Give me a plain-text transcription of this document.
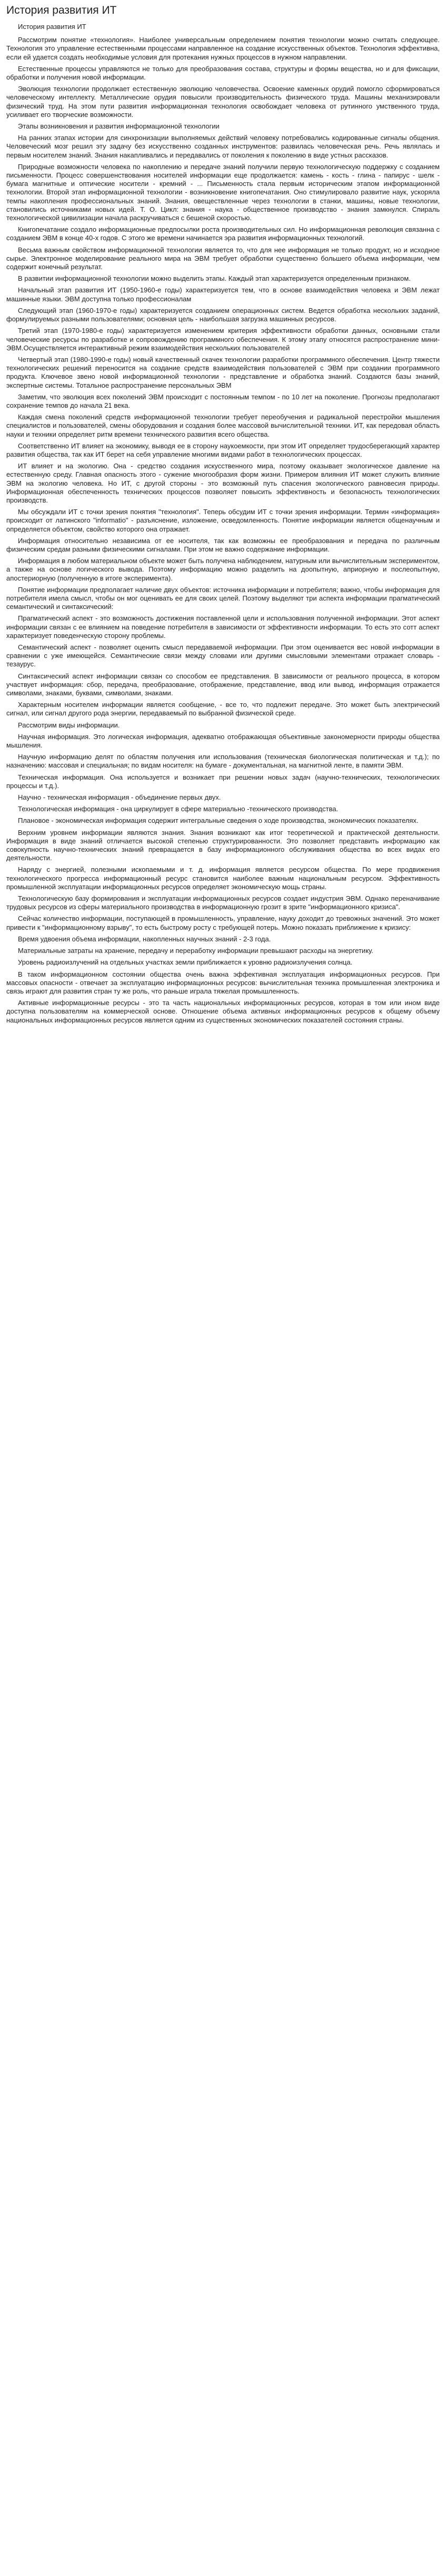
История развития ИТ

История развития ИТ

Рассмотрим понятие «технология». Наиболее универсальным определением понятия технологии можно считать следующее. Технология это управление естественными процессами направленное на создание искусственных объектов. Технология эффективна, если ей удается создать необходимые условия для протекания нужных процессов в нужном направлении.

Естественные процессы управляются не только для преобразования состава, структуры и формы вещества, но и для фиксации, обработки и получения новой информации.

Эволюция технологии продолжает естественную эволюцию человечества. Освоение каменных орудий помогло сформироваться человеческому интеллекту. Металлические орудия повысили производительность физического труда. Машины механизировали физический труд. На этом пути развития информационная технология освобождает человека от рутинного умственного труда, усиливает его творческие возможности.

Этапы возникновения и развития информационной технологии

На ранних этапах истории для синхронизации выполняемых действий человеку потребовались кодированные сигналы общения. Человеческий мозг решил эту задачу без искусственно созданных инструментов: развилась человеческая речь. Речь являлась и первым носителем знаний. Знания накапливались и передавались от поколения к поколению в виде устных рассказов.

Природные возможности человека по накоплению и передаче знаний получили первую технологическую поддержку с созданием письменности. Процесс совершенствования носителей информации еще продолжается: камень - кость - глина - папирус - шелк - бумага магнитные и оптические носители - кремний - ... Письменность стала первым историческим этапом информационной технологии. Второй этап информационной технологии - возникновение книгопечатания. Оно стимулировало развитие наук, ускоряла темпы накопления профессиональных знаний. Знания, овеществленные через технологии в станки, машины, новые технологии, становились источниками новых идей. Т. О. Цикл: знания - наука - общественное производство - знания замкнулся. Спираль технологической цивилизации начала раскручиваться с бешеной скоростью.

Книгопечатание создало информационные предпосылки роста производительных сил. Но информационная революция связанна с созданием ЭВМ в конце 40-х годов. С этого же времени начинается эра развития информационных технологий.

Весьма важным свойством информационной технологии является то, что для нее информация не только продукт, но и исходное сырье. Электронное моделирование реального мира на ЭВМ требует обработки существенно большего объема информации, чем содержит конечный результат.

В развитии информационной технологии можно выделить этапы. Каждый этап характеризуется определенным признаком.

Начальный этап развития ИТ (1950-1960-е годы) характеризуется тем, что в основе взаимодействия человека и ЭВМ лежат машинные языки. ЭВМ доступна только профессионалам

Следующий этап (1960-1970-е годы) характеризуется созданием операционных систем. Ведется обработка нескольких заданий, формулируемых разными пользователями; основная цель - наибольшая загрузка машинных ресурсов.

Третий этап (1970-1980-е годы) характеризуется изменением критерия эффективности обработки данных, основными стали человеческие ресурсы по разработке и сопровождению программного обеспечения. К этому этапу относятся распространение мини- ЭВМ.Осуществляется интерактивный режим взаимодействия нескольких пользователей

Четвертый этап (1980-1990-е годы) новый качественный скачек технологии разработки программного обеспечения. Центр тяжести технологических решений переносится на создание средств взаимодействия пользователей с ЭВМ при создании программного продукта. Ключевое звено новой информационной технологии - представление и обработка знаний. Создаются базы знаний, экспертные системы. Тотальное распространение персональных ЭВМ

Заметим, что эволюция всех поколений ЭВМ происходит с постоянным темпом - по 10 лет на поколение. Прогнозы предполагают сохранение темпов до начала 21 века.

Каждая смена поколений средств информационной технологии требует переобучения и радикальной перестройки мышления специалистов и пользователей, смены оборудования и создания более массовой вычислительной техники. ИТ, как передовая область науки и техники определяет ритм времени технического развития всего общества.

Соответственно ИТ влияет на экономику, выводя ее в сторону наукоемкости, при этом ИТ определяет трудосберегающий характер развития общества, так как ИТ берет на себя управление многими видами работ в технологических процессах.

ИТ влияет и на экологию. Она - средство создания искусственного мира, поэтому оказывает экологическое давление на естественную среду. Главная опасность этого - сужение многообразия форм жизни. Примером влияния ИТ может служить влияние ЭВМ на экологию человека. Но ИТ, с другой стороны - это возможный путь спасения экологического равновесия природы. Информационная обеспеченность технических процессов позволяет повысить эффективность и безопасность технологических производств.

Мы обсуждали ИТ с точки зрения понятия "технология". Теперь обсудим ИТ с точки зрения информации. Термин «информация» происходит от латинского "informatio" - разъяснение, изложение, осведомленность. Понятие информации является общенаучным и определяется объектом, свойство которого она отражает.

Информация относительно независима от ее носителя, так как возможны ее преобразования и передача по различным физическим средам разными физическими сигналами. При этом не важно содержание информации.

Информация в любом материальном объекте может быть получена наблюдением, натурным или вычислительным экспериментом, а также на основе логического вывода. Поэтому информацию можно разделить на доопытную, априорную и послеопытную, апостериорную (полученную в итоге эксперимента).

Понятие информации предполагает наличие двух объектов: источника информации и потребителя; важно, чтобы информация для потребителя имела смысл, чтобы он мог оценивать ее для своих целей. Поэтому выделяют три аспекта информации прагматический семантический и синтаксический:

Прагматический аспект - это возможность достижения поставленной цели и использования полученной информации. Этот аспект информации связан с ее влиянием на поведение потребителя в зависимости от эффективности информации. То есть это сотт аспект характеризует поведенческую сторону проблемы.

Семантический аспект - позволяет оценить смысл передаваемой информации. При этом оценивается вес новой информации в сравнении с уже имеющейся. Семантические связи между словами или другими смысловыми элементами отражает словарь - тезаурус.

Синтаксический аспект информации связан со способом ее представления. В зависимости от реального процесса, в котором участвует информация: сбор, передача, преобразование, отображение, представление, ввод или вывод, информация отражается символами, знаками, буквами, символами, знаками.

Характерным носителем информации является сообщение, - все то, что подлежит передаче. Это может быть электрический сигнал, или сигнал другого рода энергии, передаваемый по выбранной физической среде.

Рассмотрим виды информации.

Научная информация. Это логическая информация, адекватно отображающая объективные закономерности природы общества мышления.

Научную информацию делят по областям получения или использования (техническая биологическая политическая и т.д.); по назначению: массовая и специальная; по видам носителя: на бумаге - документальная, на магнитной ленте, в памяти ЭВМ.

Техническая информация. Она используется и возникает при решении новых задач (научно-технических, технологических процессы и т.д.).

Научно - техническая информация - объединение первых двух.

Технологическая информация - она циркулирует в сфере материально -технического производства.

Плановое - экономическая информация содержит интегральные сведения о ходе производства, экономических показателях.

Верхним уровнем информации являются знания. Знания возникают как итог теоретической и практической деятельности. Информация в виде знаний отличается высокой степенью структурированности. Это позволяет представить информацию как совокупность научно-технических знаний превращается в базу информационного обслуживания общества во всех видах его деятельности.

Наряду с энергией, полезными ископаемыми и т. д. информация является ресурсом общества. По мере продвижения технологического прогресса информационный ресурс становится наиболее важным национальным ресурсом. Эффективность промышленной эксплуатации информационных ресурсов определяет экономическую мощь страны.

Технологическую базу формирования и эксплуатации информационных ресурсов создает индустрия ЭВМ. Однако переначивание трудовых ресурсов из сферы материального производства в информационную грозит в зрите "информационного кризиса".

Сейчас количество информации, поступающей в промышленность, управление, науку доходит до тревожных значений. Это может привести к "информационному взрыву", то есть быстрому росту с требующей потерь. Можно показать приближение к кризису:

Время удвоения объема информации, накопленных научных знаний - 2-3 года.

Материальные затраты на хранение, передачу и переработку информации превышают расходы на энергетику.

Уровень радиоизлучений на отдельных участках земли приближается к уровню радиоизлучения солнца.

В таком информационном состоянии общества очень важна эффективная эксплуатация информационных ресурсов. При массовых опасности - отвечает за эксплуатацию информационных ресурсов: вычислительная техника промышленная электроника и связь играют для развития стран ту же роль, что раньше играла тяжелая промышленность.

Активные информационные ресурсы - это та часть национальных информационных ресурсов, которая в том или ином виде доступна пользователям на коммерческой основе. Отношение объема активных информационных ресурсов к общему объему национальных информационных ресурсов является одним из существенных экономических показателей состояния страны.
